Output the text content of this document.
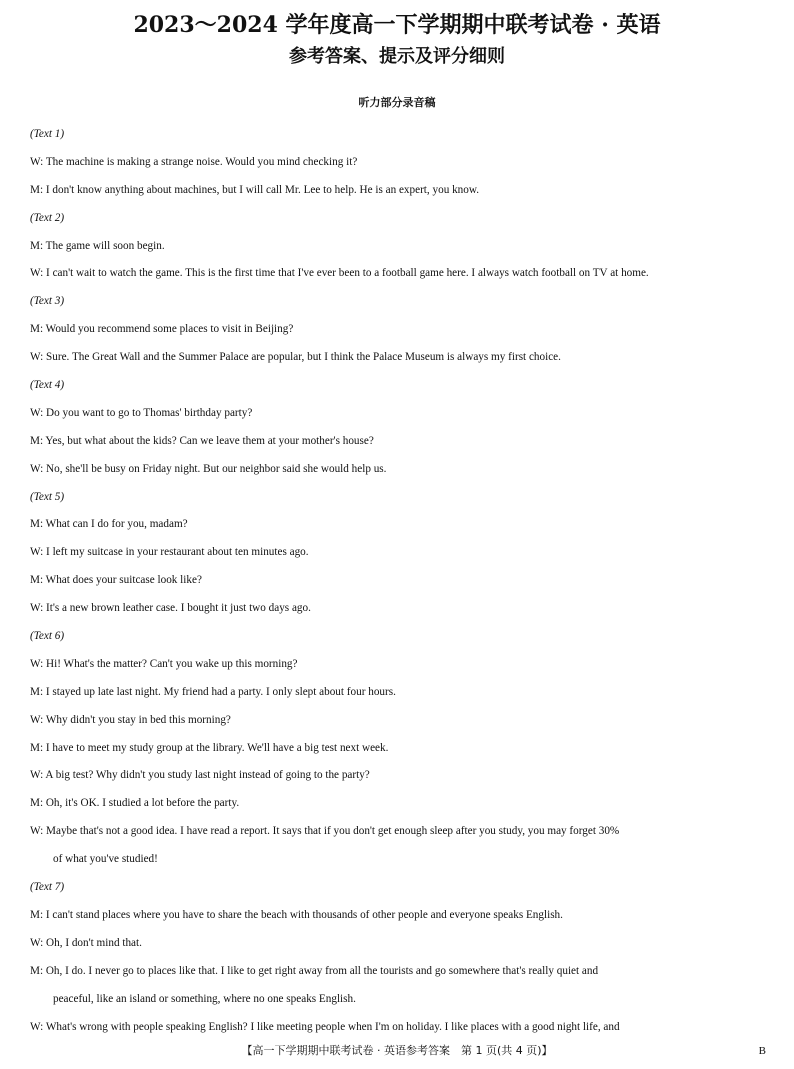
2023～2024 学年度高一下学期期中联考试卷 · 英语
参考答案、提示及评分细则
听力部分录音稿
(Text 1)
W: The machine is making a strange noise. Would you mind checking it?
M: I don't know anything about machines, but I will call Mr. Lee to help. He is an expert, you know.
(Text 2)
M: The game will soon begin.
W: I can't wait to watch the game. This is the first time that I've ever been to a football game here. I always watch football on TV at home.
(Text 3)
M: Would you recommend some places to visit in Beijing?
W: Sure. The Great Wall and the Summer Palace are popular, but I think the Palace Museum is always my first choice.
(Text 4)
W: Do you want to go to Thomas' birthday party?
M: Yes, but what about the kids? Can we leave them at your mother's house?
W: No, she'll be busy on Friday night. But our neighbor said she would help us.
(Text 5)
M: What can I do for you, madam?
W: I left my suitcase in your restaurant about ten minutes ago.
M: What does your suitcase look like?
W: It's a new brown leather case. I bought it just two days ago.
(Text 6)
W: Hi! What's the matter? Can't you wake up this morning?
M: I stayed up late last night. My friend had a party. I only slept about four hours.
W: Why didn't you stay in bed this morning?
M: I have to meet my study group at the library. We'll have a big test next week.
W: A big test? Why didn't you study last night instead of going to the party?
M: Oh, it's OK. I studied a lot before the party.
W: Maybe that's not a good idea. I have read a report. It says that if you don't get enough sleep after you study, you may forget 30%
of what you've studied!
(Text 7)
M: I can't stand places where you have to share the beach with thousands of other people and everyone speaks English.
W: Oh, I don't mind that.
M: Oh, I do. I never go to places like that. I like to get right away from all the tourists and go somewhere that's really quiet and
peaceful, like an island or something, where no one speaks English.
W: What's wrong with people speaking English? I like meeting people when I'm on holiday. I like places with a good night life, and
【高一下学期期中联考试卷 · 英语参考答案　第 1 页(共 4 页)】	B
